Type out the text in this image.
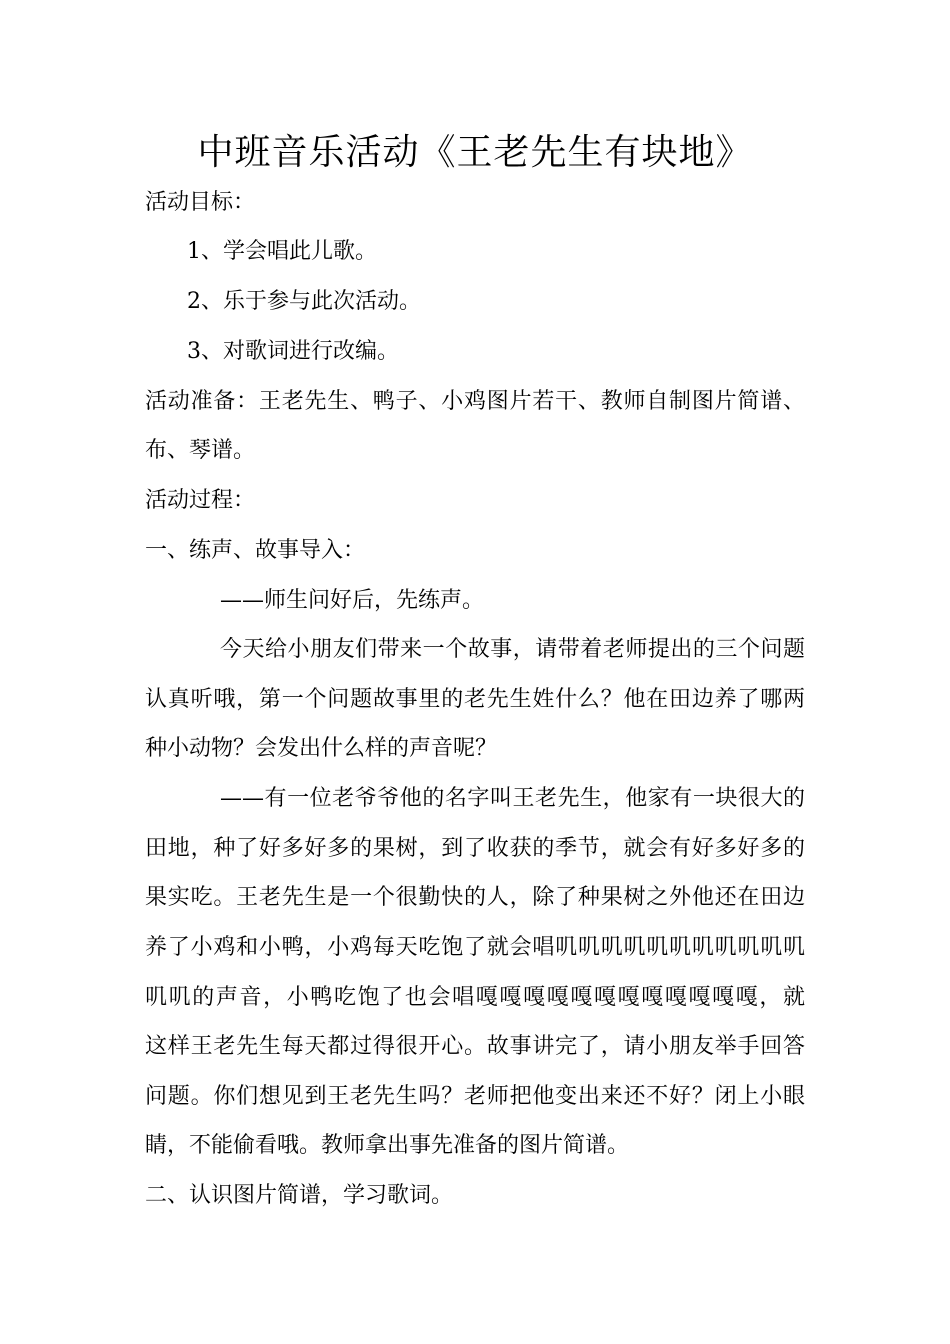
中班音乐活动《王老先生有块地》
活动目标：
1、学会唱此儿歌。
2、乐于参与此次活动。
3、对歌词进行改编。
活动准备：王老先生、鸭子、小鸡图片若干、教师自制图片简谱、
布、琴谱。
活动过程：
一、练声、故事导入：
——师生问好后，先练声。
今天给小朋友们带来一个故事，请带着老师提出的三个问题
认真听哦，第一个问题故事里的老先生姓什么？他在田边养了哪两
种小动物？会发出什么样的声音呢？
——有一位老爷爷他的名字叫王老先生，他家有一块很大的
田地，种了好多好多的果树，到了收获的季节，就会有好多好多的
果实吃。王老先生是一个很勤快的人，除了种果树之外他还在田边
养了小鸡和小鸭，小鸡每天吃饱了就会唱叽叽叽叽叽叽叽叽叽叽叽
叽叽的声音，小鸭吃饱了也会唱嘎嘎嘎嘎嘎嘎嘎嘎嘎嘎嘎嘎，就
这样王老先生每天都过得很开心。故事讲完了，请小朋友举手回答
问题。你们想见到王老先生吗？老师把他变出来还不好？闭上小眼
睛，不能偷看哦。教师拿出事先准备的图片简谱。
二、认识图片简谱，学习歌词。
